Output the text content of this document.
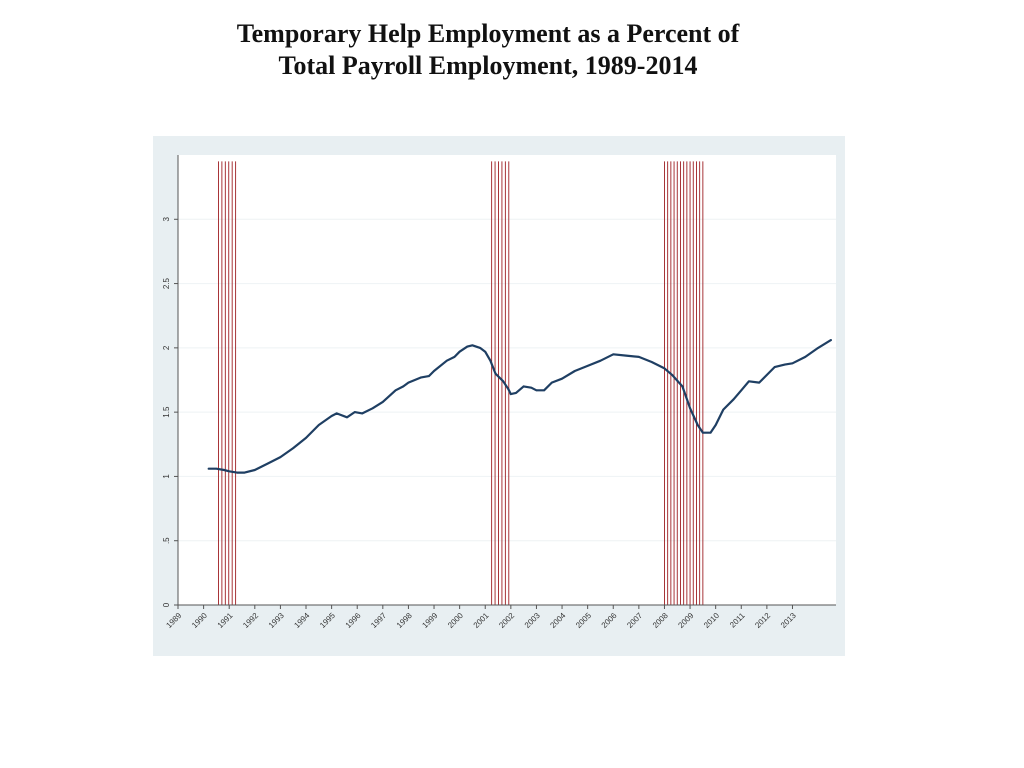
Temporary Help Employment as a Percent of
Total Payroll Employment, 1989-2014
0
.5
1
1.5
2
2.5
3
1989 1990 1991 1992 1993 1994 1995 1996 1997 1998 1999 2000 2001 2002 2003 2004 2005 2006 2007 2008 2009 2010 2011 2012 2013
